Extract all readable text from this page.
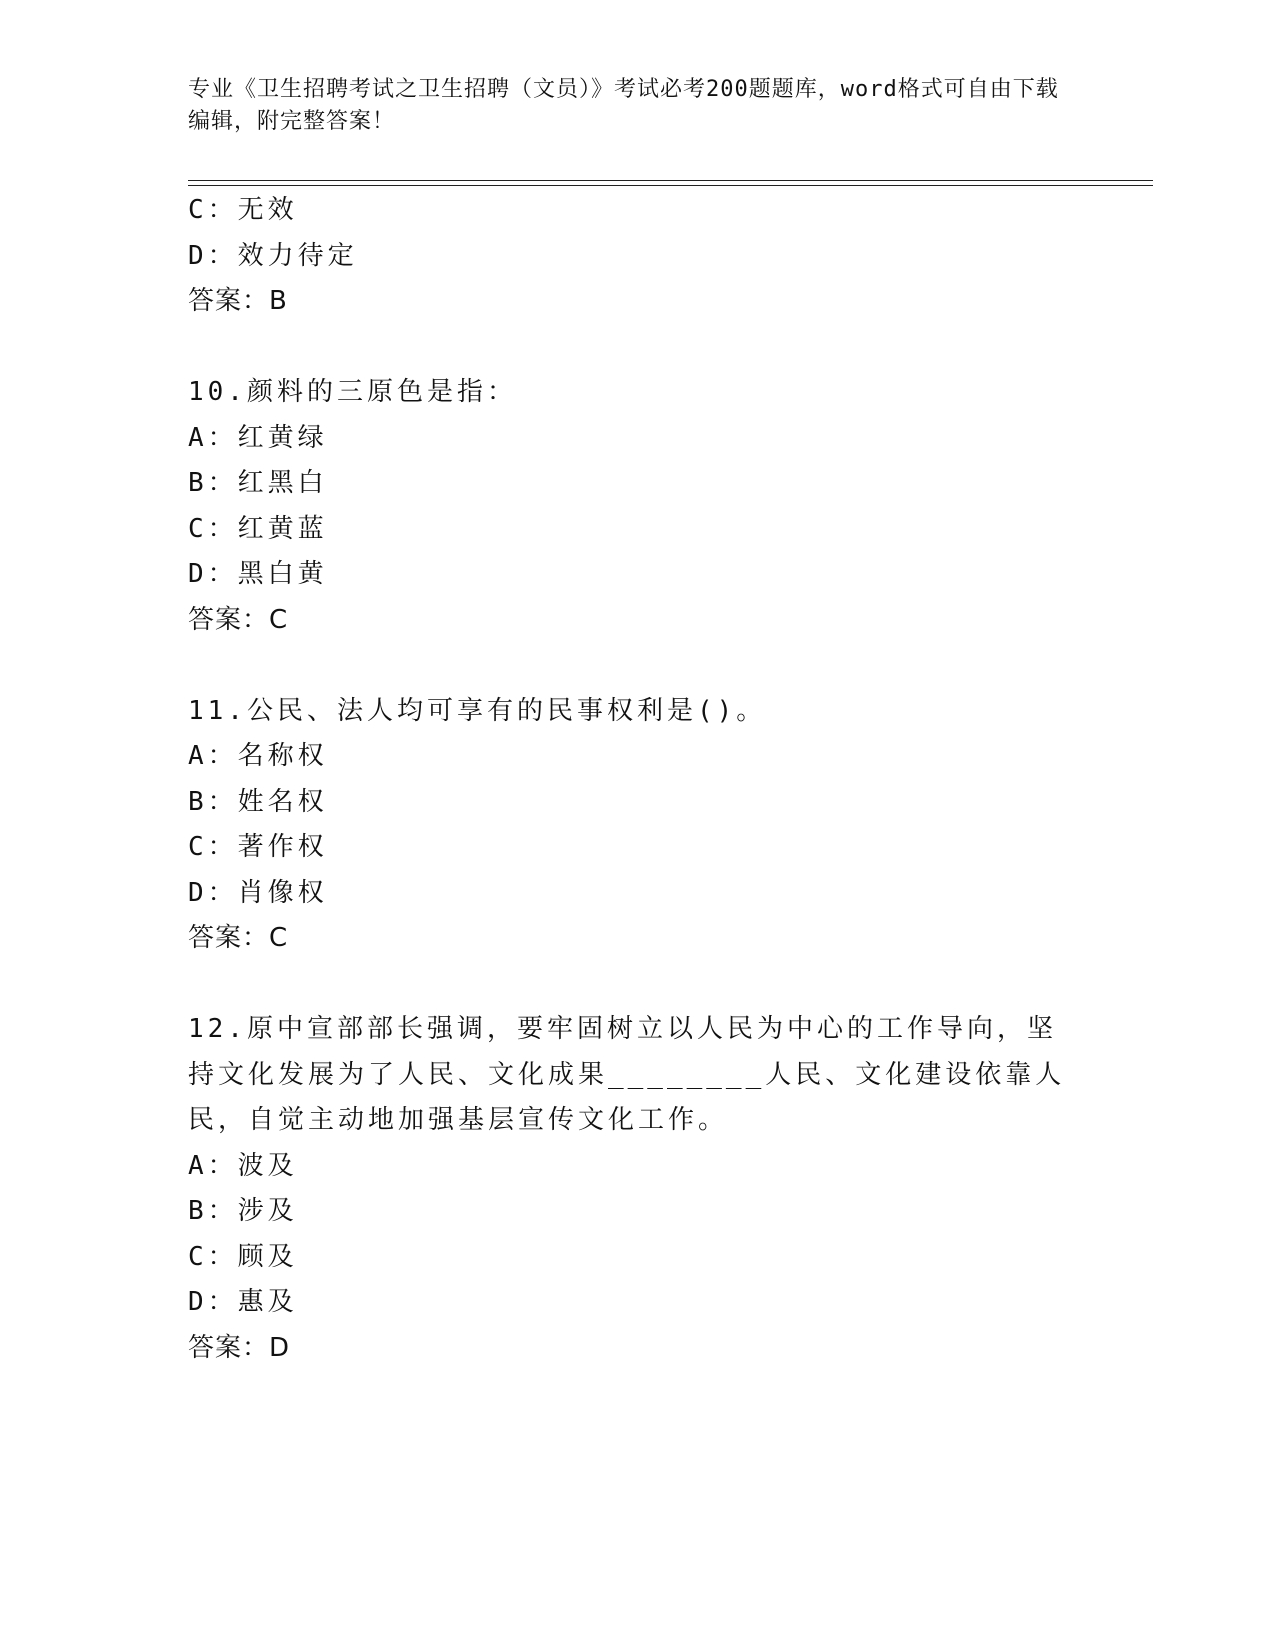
专业《卫生招聘考试之卫生招聘（文员）》考试必考200题题库，word格式可自由下载编辑，附完整答案！
C：无效
D：效力待定
答案：B
10.颜料的三原色是指：
A：红黄绿
B：红黑白
C：红黄蓝
D：黑白黄
答案：C
11.公民、法人均可享有的民事权利是()。
A：名称权
B：姓名权
C：著作权
D：肖像权
答案：C
12.原中宣部部长强调，要牢固树立以人民为中心的工作导向，坚持文化发展为了人民、文化成果________人民、文化建设依靠人民，自觉主动地加强基层宣传文化工作。
A：波及
B：涉及
C：顾及
D：惠及
答案：D
